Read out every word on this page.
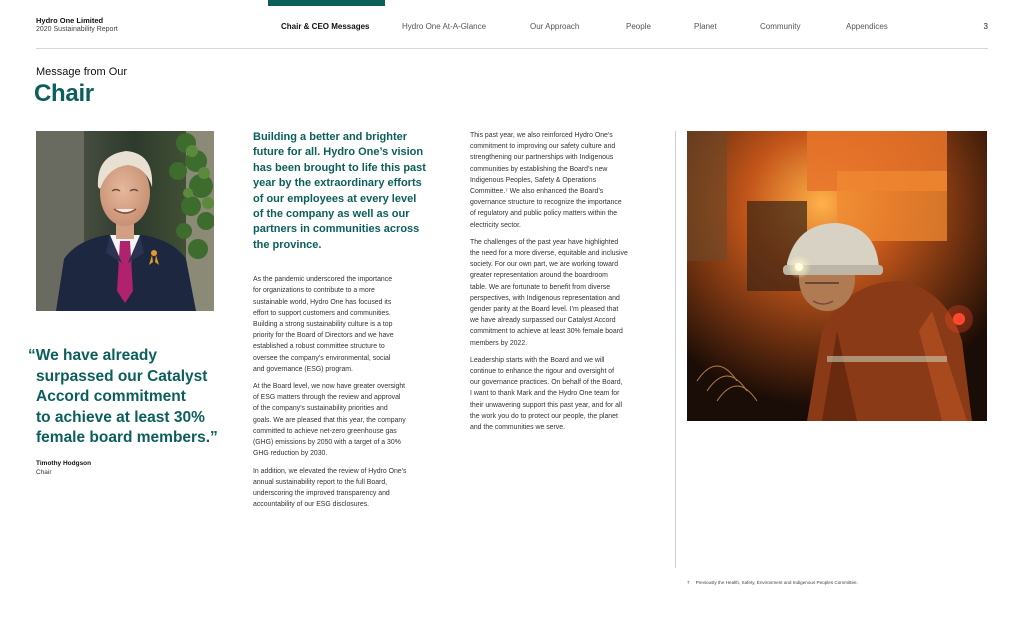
Hydro One Limited
2020 Sustainability Report	Chair & CEO Messages	Hydro One At-A-Glance	Our Approach	People	Planet	Community	Appendices	3
Message from Our
Chair
“We have already
surpassed our Catalyst
Accord commitment
to achieve at least 30%
female board members.”
Timothy Hodgson
Chair

Building a better and brighter
future for all. Hydro One’s vision
has been brought to life this past
year by the extraordinary efforts
of our employees at every level
of the company as well as our
partners in communities across
the province.

As the pandemic underscored the importance
for organizations to contribute to a more
sustainable world, Hydro One has focused its
effort to support customers and communities.
Building a strong sustainability culture is a top
priority for the Board of Directors and we have
established a robust committee structure to
oversee the company’s environmental, social
and governance (ESG) program.

At the Board level, we now have greater oversight
of ESG matters through the review and approval
of the company’s sustainability priorities and
goals. We are pleased that this year, the company
committed to achieve net-zero greenhouse gas
(GHG) emissions by 2050 with a target of a 30%
GHG reduction by 2030.

In addition, we elevated the review of Hydro One’s
annual sustainability report to the full Board,
underscoring the improved transparency and
accountability of our ESG disclosures.

This past year, we also reinforced Hydro One’s
commitment to improving our safety culture and
strengthening our partnerships with Indigenous
communities by establishing the Board’s new
Indigenous Peoples, Safety & Operations
Committee.⁷ We also enhanced the Board’s
governance structure to recognize the importance
of regulatory and public policy matters within the
electricity sector.

The challenges of the past year have highlighted
the need for a more diverse, equitable and inclusive
society. For our own part, we are working toward
greater representation around the boardroom
table. We are fortunate to benefit from diverse
perspectives, with Indigenous representation and
gender parity at the Board level. I’m pleased that
we have already surpassed our Catalyst Accord
commitment to achieve at least 30% female board
members by 2022.

Leadership starts with the Board and we will
continue to enhance the rigour and oversight of
our governance practices. On behalf of the Board,
I want to thank Mark and the Hydro One team for
their unwavering support this past year, and for all
the work you do to protect our people, the planet
and the communities we serve.

7 Previously the Health, Safety, Environment and Indigenous Peoples Committee.
